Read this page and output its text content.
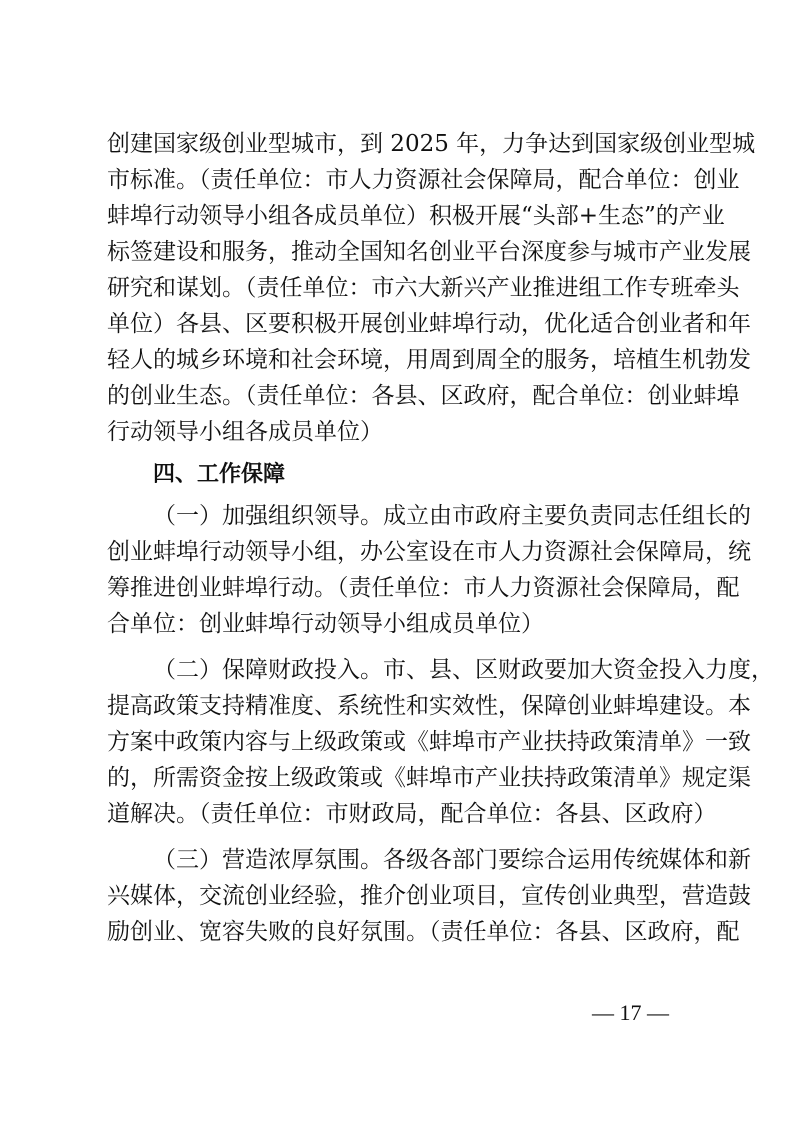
创建国家级创业型城市，到 2025 年，力争达到国家级创业型城
市标准。（责任单位：市人力资源社会保障局，配合单位：创业
蚌埠行动领导小组各成员单位）积极开展“头部+生态”的产业
标签建设和服务，推动全国知名创业平台深度参与城市产业发展
研究和谋划。（责任单位：市六大新兴产业推进组工作专班牵头
单位）各县、区要积极开展创业蚌埠行动，优化适合创业者和年
轻人的城乡环境和社会环境，用周到周全的服务，培植生机勃发
的创业生态。（责任单位：各县、区政府，配合单位：创业蚌埠
行动领导小组各成员单位）
四、工作保障
（一）加强组织领导。成立由市政府主要负责同志任组长的
创业蚌埠行动领导小组，办公室设在市人力资源社会保障局，统
筹推进创业蚌埠行动。（责任单位：市人力资源社会保障局，配
合单位：创业蚌埠行动领导小组成员单位）
（二）保障财政投入。市、县、区财政要加大资金投入力度，
提高政策支持精准度、系统性和实效性，保障创业蚌埠建设。本
方案中政策内容与上级政策或《蚌埠市产业扶持政策清单》一致
的，所需资金按上级政策或《蚌埠市产业扶持政策清单》规定渠
道解决。（责任单位：市财政局，配合单位：各县、区政府）
（三）营造浓厚氛围。各级各部门要综合运用传统媒体和新
兴媒体，交流创业经验，推介创业项目，宣传创业典型，营造鼓
励创业、宽容失败的良好氛围。（责任单位：各县、区政府，配
— 17 —
